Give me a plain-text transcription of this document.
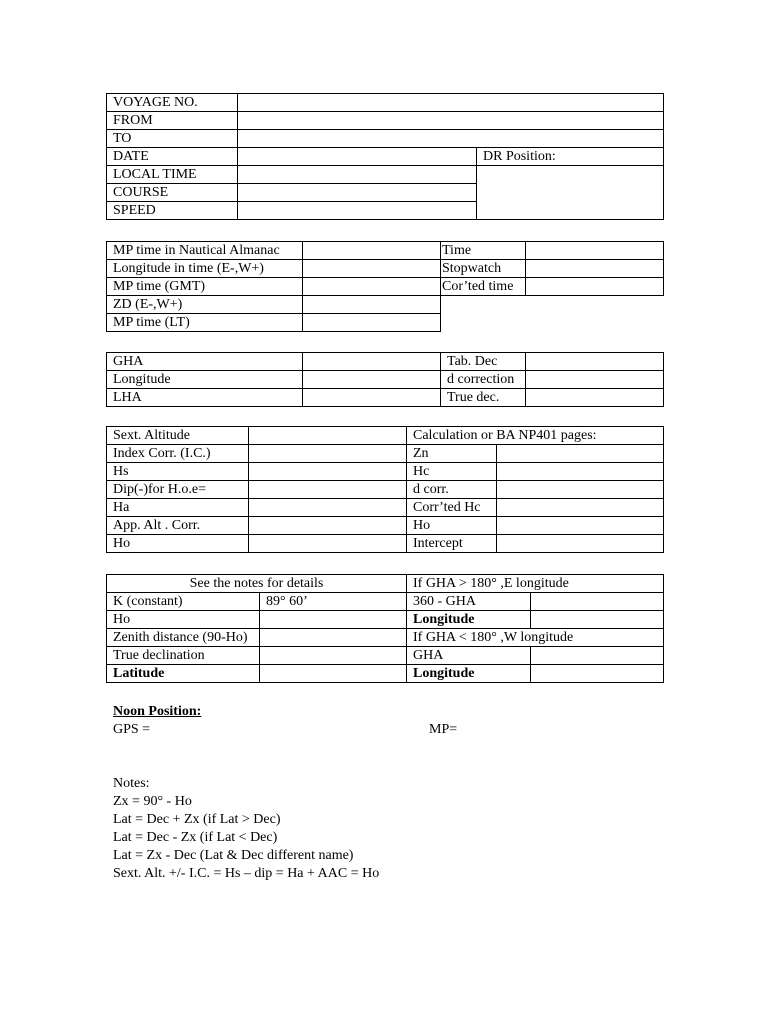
VOYAGE NO.		
FROM		
TO		
DATE		DR Position:
LOCAL TIME		
COURSE		
SPEED		
MP time in Nautical Almanac		Time	
Longitude in time (E-,W+)		Stopwatch	
MP time (GMT)		Cor’ted time	
ZD (E-,W+)			
MP time (LT)			
GHA		Tab. Dec	
Longitude		d correction	
LHA		True dec.	
Sext. Altitude		Calculation or BA NP401 pages:	
Index Corr. (I.C.)		Zn	
Hs		Hc	
Dip(-)for H.o.e=		d corr.	
Ha		Corr’ted Hc	
App. Alt . Corr.		Ho	
Ho		Intercept	
See the notes for details		If GHA > 180° ,E longitude	
K (constant)	89° 60’	360 - GHA	
Ho		Longitude	
Zenith distance (90-Ho)		If GHA < 180° ,W longitude	
True declination		GHA	
Latitude		Longitude	
Noon Position:
GPS =	MP=
Notes:
Zx = 90° - Ho
Lat = Dec + Zx (if Lat > Dec)
Lat = Dec - Zx (if Lat < Dec)
Lat = Zx - Dec (Lat & Dec different name)
Sext. Alt. +/- I.C. = Hs – dip = Ha + AAC = Ho
